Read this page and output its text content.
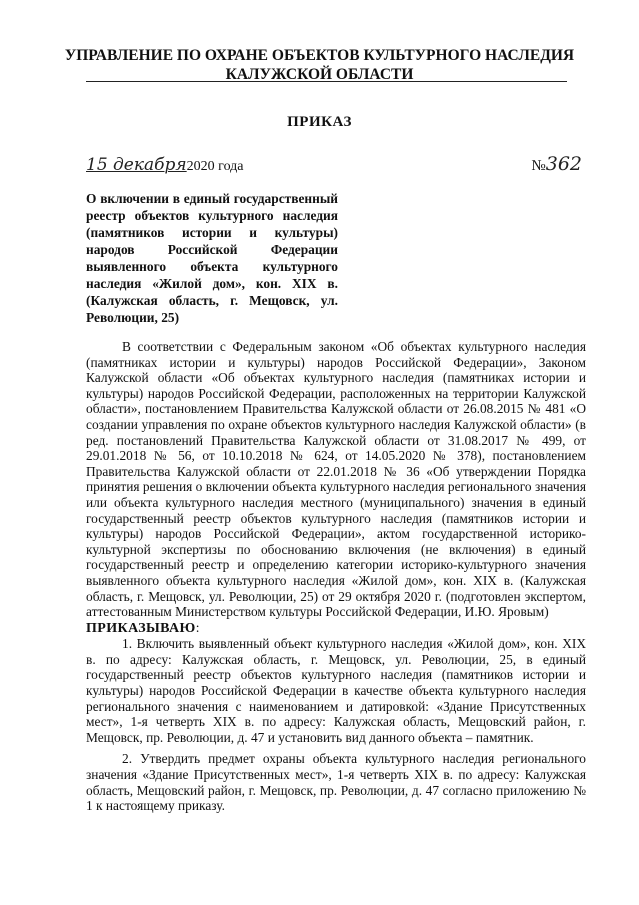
УПРАВЛЕНИЕ ПО ОХРАНЕ ОБЪЕКТОВ КУЛЬТУРНОГО НАСЛЕДИЯ
КАЛУЖСКОЙ ОБЛАСТИ
ПРИКАЗ
15 декабря2020 года	№362
О включении в единый государственный реестр объектов культурного наследия (памятников истории и культуры) народов Российской Федерации выявленного объекта культурного наследия «Жилой дом», кон. XIX в. (Калужская область, г. Мещовск, ул. Революции, 25)

В соответствии с Федеральным законом «Об объектах культурного наследия (памятниках истории и культуры) народов Российской Федерации», Законом Калужской области «Об объектах культурного наследия (памятниках истории и культуры) народов Российской Федерации, расположенных на территории Калужской области», постановлением Правительства Калужской области от 26.08.2015 № 481 «О создании управления по охране объектов культурного наследия Калужской области» (в ред. постановлений Правительства Калужской области от 31.08.2017 № 499, от 29.01.2018 № 56, от 10.10.2018 № 624, от 14.05.2020 № 378), постановлением Правительства Калужской области от 22.01.2018 № 36 «Об утверждении Порядка принятия решения о включении объекта культурного наследия регионального значения или объекта культурного наследия местного (муниципального) значения в единый государственный реестр объектов культурного наследия (памятников истории и культуры) народов Российской Федерации», актом государственной историко-культурной экспертизы по обоснованию включения (не включения) в единый государственный реестр и определению категории историко-культурного значения выявленного объекта культурного наследия «Жилой дом», кон. XIX в. (Калужская область, г. Мещовск, ул. Революции, 25) от 29 октября 2020 г. (подготовлен экспертом, аттестованным Министерством культуры Российской Федерации, И.Ю. Яровым)

ПРИКАЗЫВАЮ:

1. Включить выявленный объект культурного наследия «Жилой дом», кон. XIX в. по адресу: Калужская область, г. Мещовск, ул. Революции, 25, в единый государственный реестр объектов культурного наследия (памятников истории и культуры) народов Российской Федерации в качестве объекта культурного наследия регионального значения с наименованием и датировкой: «Здание Присутственных мест», 1-я четверть XIX в. по адресу: Калужская область, Мещовский район, г. Мещовск, пр. Революции, д. 47 и установить вид данного объекта – памятник.

2. Утвердить предмет охраны объекта культурного наследия регионального значения «Здание Присутственных мест», 1-я четверть XIX в. по адресу: Калужская область, Мещовский район, г. Мещовск, пр. Революции, д. 47 согласно приложению № 1 к настоящему приказу.
